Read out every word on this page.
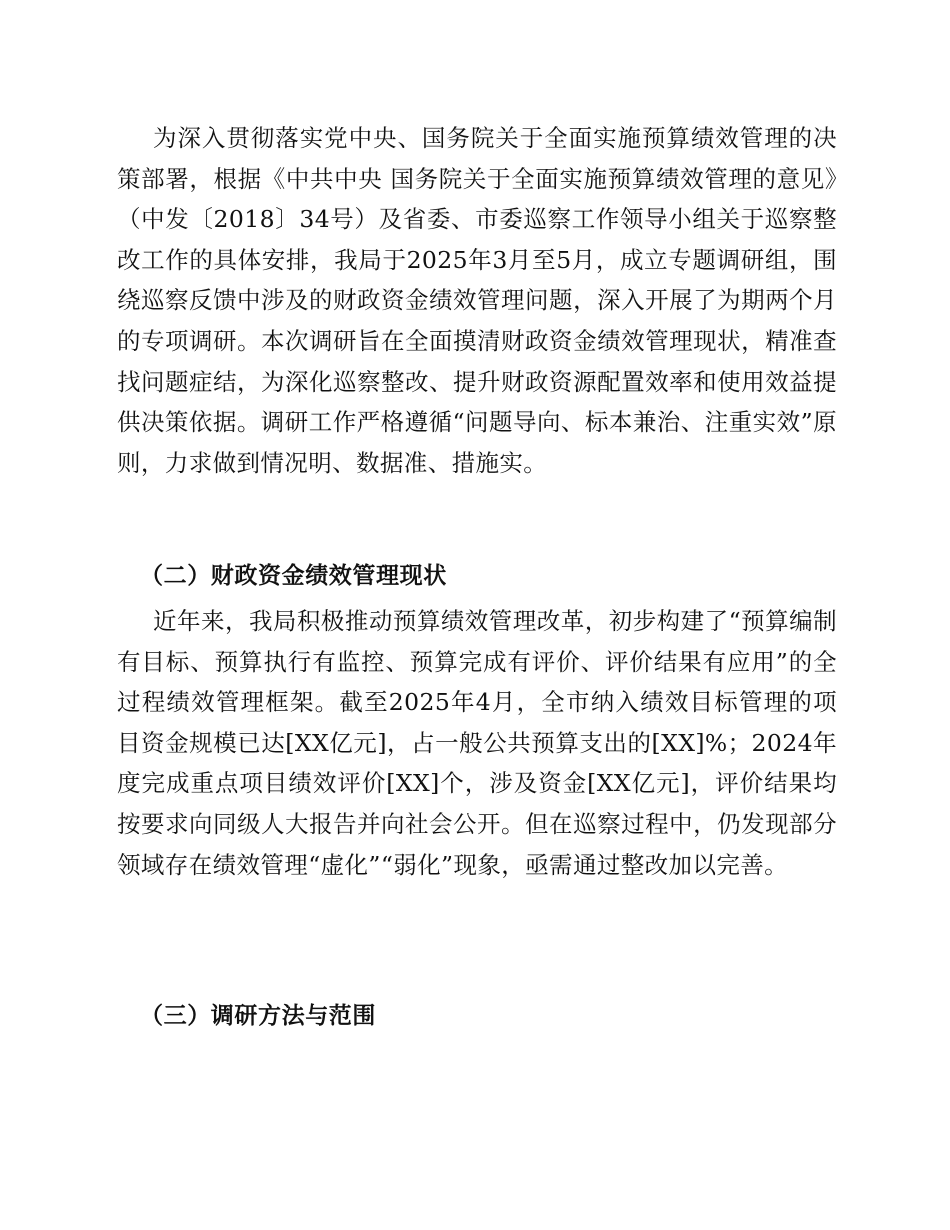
为深入贯彻落实党中央、国务院关于全面实施预算绩效管理的决策部署，根据《中共中央 国务院关于全面实施预算绩效管理的意见》（中发〔2018〕34号）及省委、市委巡察工作领导小组关于巡察整改工作的具体安排，我局于2025年3月至5月，成立专题调研组，围绕巡察反馈中涉及的财政资金绩效管理问题，深入开展了为期两个月的专项调研。本次调研旨在全面摸清财政资金绩效管理现状，精准查找问题症结，为深化巡察整改、提升财政资源配置效率和使用效益提供决策依据。调研工作严格遵循“问题导向、标本兼治、注重实效”原则，力求做到情况明、数据准、措施实。

（二）财政资金绩效管理现状

近年来，我局积极推动预算绩效管理改革，初步构建了“预算编制有目标、预算执行有监控、预算完成有评价、评价结果有应用”的全过程绩效管理框架。截至2025年4月，全市纳入绩效目标管理的项目资金规模已达[XX亿元]，占一般公共预算支出的[XX]%；2024年度完成重点项目绩效评价[XX]个，涉及资金[XX亿元]，评价结果均按要求向同级人大报告并向社会公开。但在巡察过程中，仍发现部分领域存在绩效管理“虚化”“弱化”现象，亟需通过整改加以完善。

（三）调研方法与范围
